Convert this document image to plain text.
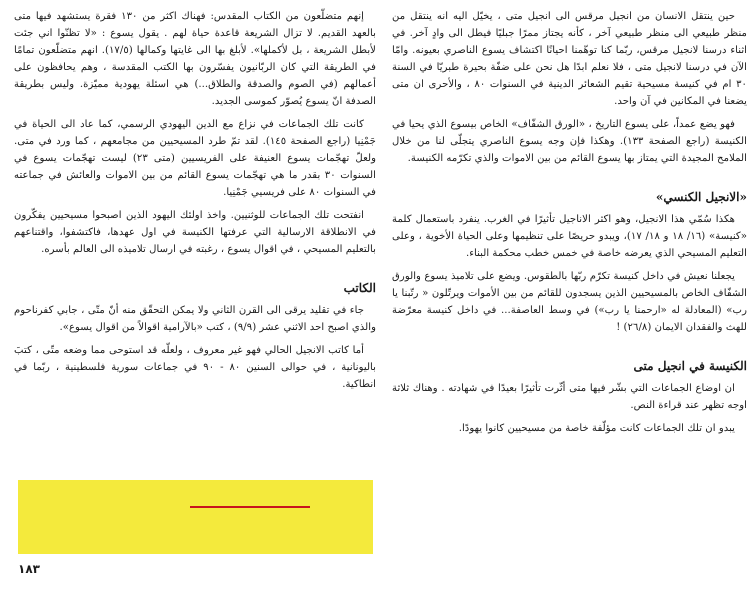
حين ينتقل الانسان من انجيل مرقس الى انجيل متى ، يخيّل اليه انه ينتقل من منظر طبيعي الى منظر طبيعي آخر ، كأنه يجتاز ممرًا جبليًا فيطل الى وادٍ آخر. في اثناء درسنا لانجيل مرقس، ربّما كنا توهّمنا احيانًا اكتشاف يسوع الناصري بعيونه. وامّا الآن في درسنا لانجيل متى ، فلا نعلم ابدًا هل نحن على ضفّة بحيرة طبريّا في السنة ٣٠ ام في كنيسة مسيحية تقيم الشعائر الدينية في السنوات ٨٠ ، والأحرى ان متى يضعنا في المكانين في آن واحد.

فهو يضع عمداً، على يسوع التاريخ ، «الورق الشفّاف» الخاص بيسوع الذي يحيا في الكنيسة (راجع الصفحة ١٣٣). وهكذا فإن وجه يسوع الناصري يتجلّى لنا من خلال الملامح المجيدة التي يمتاز بها يسوع القائم من بين الاموات والذي تكرّمه الكنيسة.

«الانجيل الكنسي»

هكذا سُمّي هذا الانجيل، وهو اكثر الاناجيل تأثيرًا في الغرب. ينفرد باستعمال كلمة «كنيسة» (١٦/ ١٨ و ١٨/ ١٧)، ويبدو حريصًا على تنظيمها وعلى الحياة الأخوية ، وعلى التعليم المسيحي الذي يعرضه خاصة في خمس خطب محكمة البناء.

يجعلنا نعيش في داخل كنيسة تكرّم ربّها بالطقوس. ويضع على تلاميذ يسوع والورق الشفّاف الخاص بالمسيحيين الذين يسجدون للقائم من بين الأموات ويرتّلون « رتّبنا يا رب» (المعادلة له «ارحمنا يا رب») في وسط العاصفة... في داخل كنيسة معرّضة للهث والفقدان الايمان (٢٦/٨) !

الكنيسة في انجيل متى

ان اوضاع الجماعات التي بشّر فيها متى أثّرت تأثيرًا بعيدًا في شهادته . وهناك ثلاثة اوجه تظهر عند قراءة النص.

يبدو ان تلك الجماعات كانت مؤلّفة خاصة من مسيحيين كانوا يهودًا.

إنهم متضلّعون من الكتاب المقدس: فهناك اكثر من ١٣٠ فقرة يستشهد فيها متى بالعهد القديم. لا تزال الشريعة قاعدة حياة لهم . يقول يسوع : «لا تظنّوا اني جئت لأبطل الشريعة ، بل لأكملها». لأبلغ بها الى غايتها وكمالها (١٧/٥). انهم متضلّعون تمامًا في الطريقة التي كان الربّانيون يفسّرون بها الكتب المقدسة ، وهم يحافظون على أعمالهم (في الصوم والصدقة والطلاق...) هي اسئلة يهودية مميّزة. وليس بطريقة الصدفة انّ يسوع يُصوّر كموسى الجديد.

كانت تلك الجماعات في نزاع مع الدين اليهودي الرسمي، كما عاد الى الحياة في جَمْنِيا (راجع الصفحة ١٤٥). لقد تمّ طرد المسيحيين من مجامعهم ، كما ورد في متى. ولعلّ تهجّمات يسوع العنيفة على الفريسيين (متى ٢٣) ليست تهجّمات يسوع في السنوات ٣٠ بقدر ما هي تهجّمات يسوع القائم من بين الاموات والعائش في جماعته في السنوات ٨٠ على فريسيي جَمْنِيا.

انفتحت تلك الجماعات للوثنيين. واخذ اولئك اليهود الذين اصبحوا مسيحيين يفكّرون في الانطلاقة الارسالية التي عرفتها الكنيسة في اول عهدها، فاكتشفوا، واقتناعهم بالتعليم المسيحي ، في اقوال يسوع ، رغبته في ارسال تلاميذه الى العالم بأسره.

الكاتب

جاء في تقليد يرقى الى القرن الثاني ولا يمكن التحقّق منه أنّ متّى ، جابي كفرناحوم والذي اصبح احد الاثني عشر (٩/٩) ، كتب «بالآرامية اقوالاً من اقوال يسوع».

أما كاتب الانجيل الحالي فهو غير معروف ، ولعلّه قد استوحى مما وضعه متّى ، كتبَ باليونانية ، في حوالى السنين ٨٠ - ٩٠ في جماعات سورية فلسطينية ، ربّما في انطاكية.

١٨٣
